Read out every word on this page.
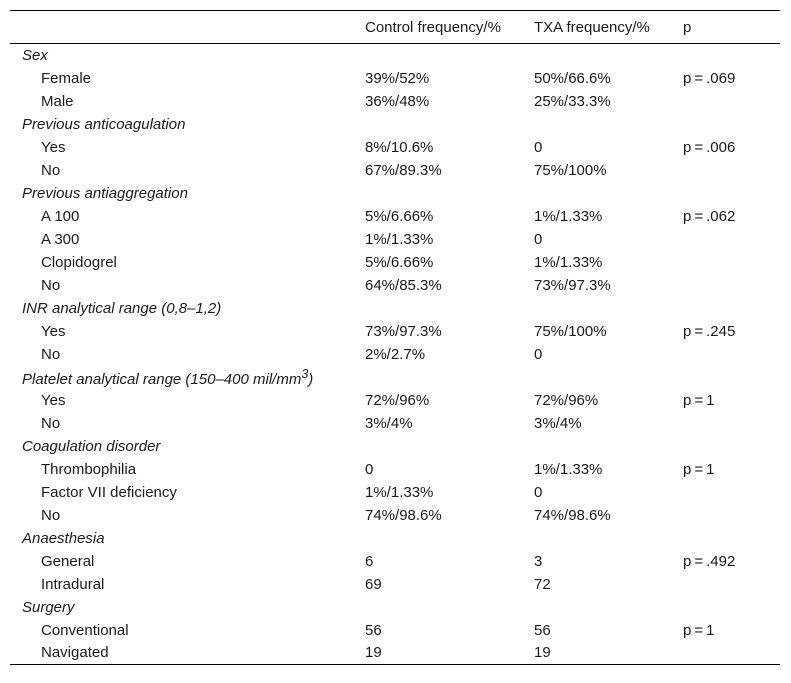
	Control frequency/%	TXA frequency/%	p
Sex			
Female	39%/52%	50%/66.6%	p = .069
Male	36%/48%	25%/33.3%	
Previous anticoagulation			
Yes	8%/10.6%	0	p = .006
No	67%/89.3%	75%/100%	
Previous antiaggregation			
A 100	5%/6.66%	1%/1.33%	p = .062
A 300	1%/1.33%	0	
Clopidogrel	5%/6.66%	1%/1.33%	
No	64%/85.3%	73%/97.3%	
INR analytical range (0,8–1,2)			
Yes	73%/97.3%	75%/100%	p = .245
No	2%/2.7%	0	
Platelet analytical range (150–400 mil/$mm^3$)			
Yes	72%/96%	72%/96%	p = 1
No	3%/4%	3%/4%	
Coagulation disorder			
Thrombophilia	0	1%/1.33%	p = 1
Factor VII deficiency	1%/1.33%	0	
No	74%/98.6%	74%/98.6%	
Anaesthesia			
General	6	3	p = .492
Intradural	69	72	
Surgery			
Conventional	56	56	p = 1
Navigated	19	19	
